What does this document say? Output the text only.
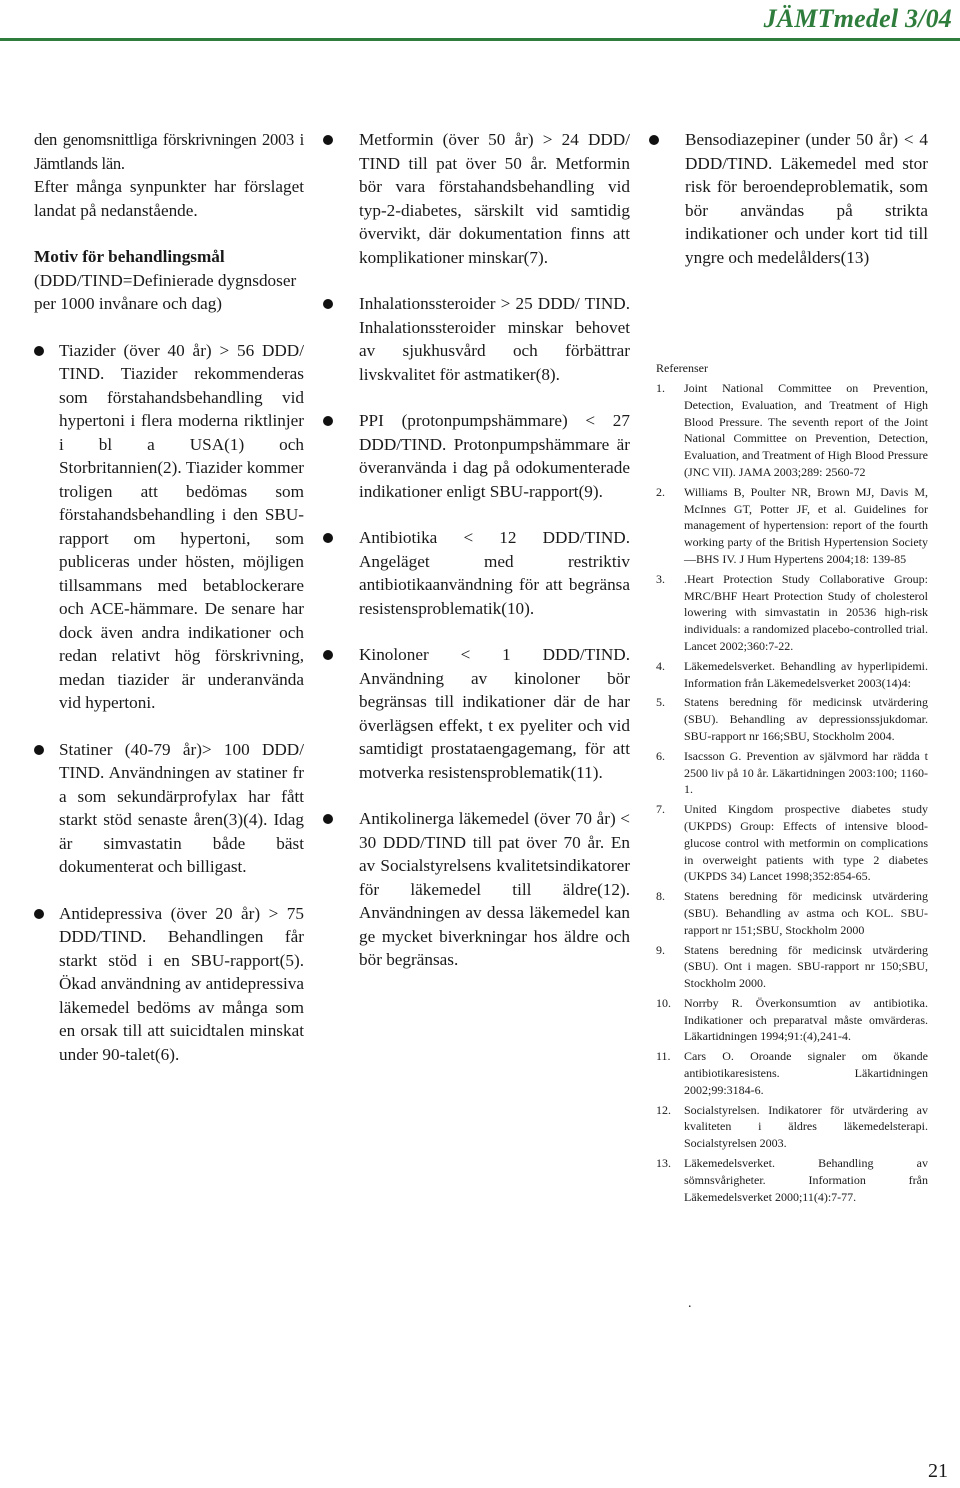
JÄMTmedel 3/04

den genomsnittliga förskrivningen 2003 i Jämtlands län.

Efter många synpunkter har förslaget landat på nedanstående.

Motiv för behandlingsmål

(DDD/TIND=Definierade dygnsdoser per 1000 invånare och dag)

Tiazider (över 40 år) > 56 DDD/ TIND. Tiazider rekommenderas som förstahandsbehandling vid hypertoni i flera moderna riktlinjer i bl a USA(1) och Storbritannien(2). Tiazider kommer troligen att bedömas som förstahandsbehandling i den SBU-rapport om hypertoni, som publiceras under hösten, möjligen tillsammans med betablockerare och ACE-hämmare. De senare har dock även andra indikationer och redan relativt hög förskrivning, medan tiazider är underanvända vid hypertoni.
Statiner (40-79 år)> 100 DDD/ TIND. Användningen av statiner fr a som sekundärprofylax har fått starkt stöd senaste åren(3)(4). Idag är simvastatin både bäst dokumenterat och billigast.
Antidepressiva (över 20 år) > 75 DDD/TIND. Behandlingen får starkt stöd i en SBU-rapport(5). Ökad användning av antidepressiva läkemedel bedöms av många som en orsak till att suicidtalen minskat under 90-talet(6).
Metformin (över 50 år) > 24 DDD/ TIND till pat över 50 år. Metformin bör vara förstahandsbehandling vid typ-2-diabetes, särskilt vid samtidig övervikt, där dokumentation finns att komplikationer minskar(7).
Inhalationssteroider > 25 DDD/ TIND. Inhalationssteroider minskar behovet av sjukhusvård och förbättrar livskvalitet för astmatiker(8).
PPI (protonpumpshämmare) < 27 DDD/TIND. Protonpumpshämmare är överanvända i dag på odokumenterade indikationer enligt SBU-rapport(9).
Antibiotika < 12 DDD/TIND. Angeläget med restriktiv antibiotikaanvändning för att begränsa resistensproblematik(10).
Kinoloner < 1 DDD/TIND. Användning av kinoloner bör begränsas till indikationer där de har överlägsen effekt, t ex pyeliter och vid samtidigt prostataengagemang, för att motverka resistensproblematik(11).
Antikolinerga läkemedel (över 70 år) < 30 DDD/TIND till pat över 70 år. En av Socialstyrelsens kvalitetsindikatorer för läkemedel till äldre(12). Användningen av dessa läkemedel kan ge mycket biverkningar hos äldre och bör begränsas.
Bensodiazepiner (under 50 år) < 4 DDD/TIND. Läkemedel med stor risk för beroendeproblematik, som bör användas på strikta indikationer och under kort tid till yngre och medelålders(13)
Referenser
1.	Joint National Committee on Prevention, Detection, Evaluation, and Treatment of High Blood Pressure. The seventh report of the Joint National Committee on Prevention, Detection, Evaluation, and Treatment of High Blood Pressure (JNC VII). JAMA 2003;289: 2560-72
2.	Williams B, Poulter NR, Brown MJ, Davis M, McInnes GT, Potter JF, et al. Guidelines for management of hypertension: report of the fourth working party of the British Hypertension Society—BHS IV. J Hum Hypertens 2004;18: 139-85
3.	.Heart Protection Study Collaborative Group: MRC/BHF Heart Protection Study of cholesterol lowering with simvastatin in 20536 high-risk individuals: a randomized placebo-controlled trial. Lancet 2002;360:7-22.
4.	Läkemedelsverket. Behandling av hyperlipidemi. Information från Läkemedelsverket 2003(14)4:
5.	Statens beredning för medicinsk utvärdering (SBU). Behandling av depressionssjukdomar. SBU-rapport nr 166;SBU, Stockholm 2004.
6.	Isacsson G. Prevention av självmord har rädda t 2500 liv på 10 år. Läkartidningen 2003:100; 1160-1.
7.	United Kingdom prospective diabetes study (UKPDS) Group: Effects of intensive blood-glucose control with metformin on complications in overweight patients with type 2 diabetes (UKPDS 34) Lancet 1998;352:854-65.
8.	Statens beredning för medicinsk utvärdering (SBU). Behandling av astma och KOL. SBU-rapport nr 151;SBU, Stockholm 2000
9.	Statens beredning för medicinsk utvärdering (SBU). Ont i magen. SBU-rapport nr 150;SBU, Stockholm 2000.
10.	Norrby R. Överkonsumtion av antibiotika. Indikationer och preparatval måste omvärderas. Läkartidningen 1994;91:(4),241-4.
11.	Cars O. Oroande signaler om ökande antibiotikaresistens. Läkartidningen 2002;99:3184-6.
12.	Socialstyrelsen. Indikatorer för utvärdering av kvaliteten i äldres läkemedelsterapi. Socialstyrelsen 2003.
13.	Läkemedelsverket. Behandling av sömnsvårigheter. Information från Läkemedelsverket 2000;11(4):7-77.
.
21
